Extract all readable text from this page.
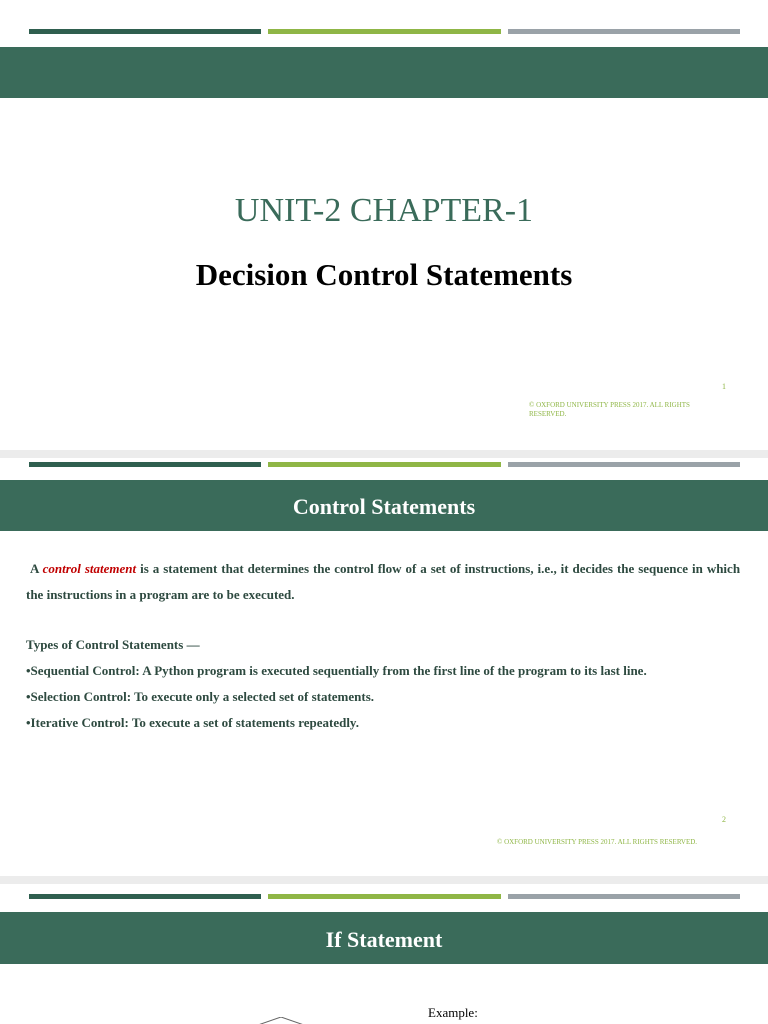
UNIT-2 CHAPTER-1
Decision Control Statements
1
© OXFORD UNIVERSITY PRESS 2017. ALL RIGHTS
RESERVED.
Control Statements
A control statement is a statement that determines the control flow of a set of instructions, i.e., it decides the sequence in which the instructions in a program are to be executed.
Types of Control Statements —
•Sequential Control: A Python program is executed sequentially from the first line of the program to its last line.
•Selection Control: To execute only a selected set of statements.
•Iterative Control: To execute a set of statements repeatedly.
2
© OXFORD UNIVERSITY PRESS 2017. ALL RIGHTS RESERVED.
If Statement
Example:
